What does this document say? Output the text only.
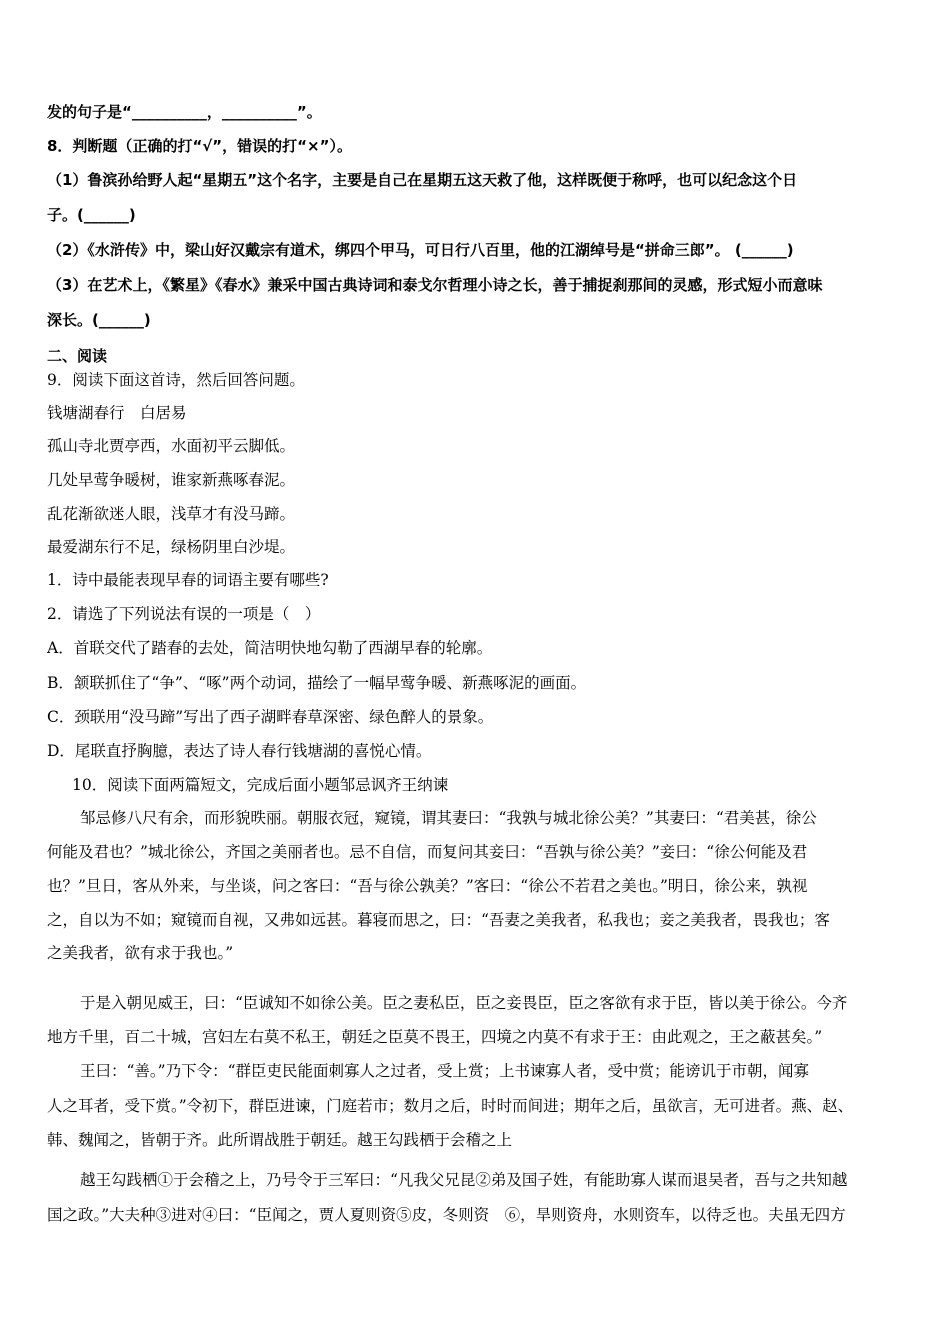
发的句子是“__________，__________”。
8．判断题（正确的打“√”，错误的打“×”）。
（1）鲁滨孙给野人起“星期五”这个名字，主要是自己在星期五这天救了他，这样既便于称呼，也可以纪念这个日
子。(______)
（2）《水浒传》中，梁山好汉戴宗有道术，绑四个甲马，可日行八百里，他的江湖绰号是“拼命三郎”。 (______)
（3）在艺术上，《繁星》《春水》兼采中国古典诗词和泰戈尔哲理小诗之长，善于捕捉刹那间的灵感，形式短小而意味
深长。(______)
二、阅读
9．阅读下面这首诗，然后回答问题。
钱塘湖春行　白居易
孤山寺北贾亭西，水面初平云脚低。
几处早莺争暖树，谁家新燕啄春泥。
乱花渐欲迷人眼，浅草才有没马蹄。
最爱湖东行不足，绿杨阴里白沙堤。
1．诗中最能表现早春的词语主要有哪些?
2．请选了下列说法有误的一项是（　）
A．首联交代了踏春的去处，简洁明快地勾勒了西湖早春的轮廓。
B．颔联抓住了“争”、“啄”两个动词，描绘了一幅早莺争暖、新燕啄泥的画面。
C．颈联用“没马蹄”写出了西子湖畔春草深密、绿色醉人的景象。
D．尾联直抒胸臆，表达了诗人春行钱塘湖的喜悦心情。
10．阅读下面两篇短文，完成后面小题邹忌讽齐王纳谏
邹忌修八尺有余，而形貌昳丽。朝服衣冠，窥镜，谓其妻曰：“我孰与城北徐公美？”其妻曰：“君美甚，徐公
何能及君也？”城北徐公，齐国之美丽者也。忌不自信，而复问其妾曰：“吾孰与徐公美？”妾曰：“徐公何能及君
也？”旦日，客从外来，与坐谈，问之客曰：“吾与徐公孰美？”客曰：“徐公不若君之美也。”明日，徐公来，孰视
之，自以为不如；窥镜而自视，又弗如远甚。暮寝而思之，曰：“吾妻之美我者，私我也；妾之美我者，畏我也；客
之美我者，欲有求于我也。”
于是入朝见威王，曰：“臣诚知不如徐公美。臣之妻私臣，臣之妾畏臣，臣之客欲有求于臣，皆以美于徐公。今齐
地方千里，百二十城，宫妇左右莫不私王，朝廷之臣莫不畏王，四境之内莫不有求于王：由此观之，王之蔽甚矣。”
王曰：“善。”乃下令：“群臣吏民能面刺寡人之过者，受上赏；上书谏寡人者，受中赏；能谤讥于市朝，闻寡
人之耳者，受下赏。”令初下，群臣进谏，门庭若市；数月之后，时时而间进；期年之后，虽欲言，无可进者。燕、赵、
韩、魏闻之，皆朝于齐。此所谓战胜于朝廷。越王勾践栖于会稽之上
越王勾践栖①于会稽之上，乃号令于三军曰：“凡我父兄昆②弟及国子姓，有能助寡人谋而退吴者，吾与之共知越
国之政。”大夫种③进对④曰：“臣闻之，贾人夏则资⑤皮，冬则资　⑥，旱则资舟，水则资车，以待乏也。夫虽无四方
